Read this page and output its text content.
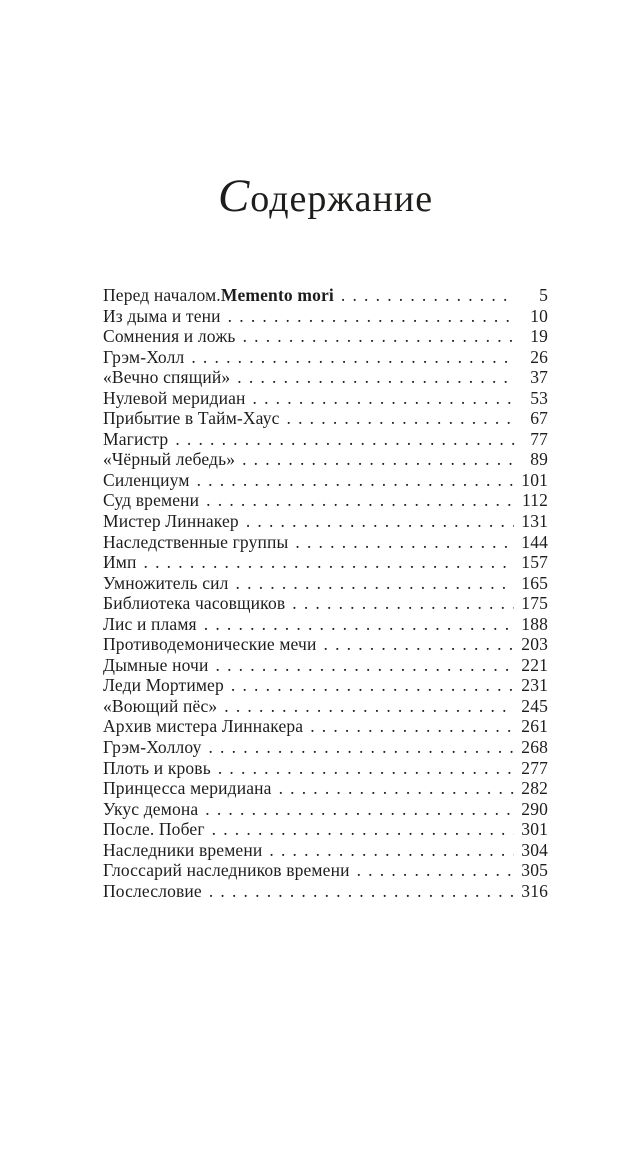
Содержание
Перед началом. Memento mori .....	5
Из дыма и тени .....	10
Сомнения и ложь .....	19
Грэм-Холл .....	26
«Вечно спящий» .....	37
Нулевой меридиан .....	53
Прибытие в Тайм-Хаус .....	67
Магистр .....	77
«Чёрный лебедь» .....	89
Силенциум .....	101
Суд времени .....	112
Мистер Линнакер .....	131
Наследственные группы .....	144
Имп .....	157
Умножитель сил .....	165
Библиотека часовщиков .....	175
Лис и пламя .....	188
Противодемонические мечи .....	203
Дымные ночи .....	221
Леди Мортимер .....	231
«Воющий пёс» .....	245
Архив мистера Линнакера .....	261
Грэм-Холлоу .....	268
Плоть и кровь .....	277
Принцесса меридиана .....	282
Укус демона .....	290
После. Побег .....	301
Наследники времени .....	304
Глоссарий наследников времени .....	305
Послесловие .....	316
